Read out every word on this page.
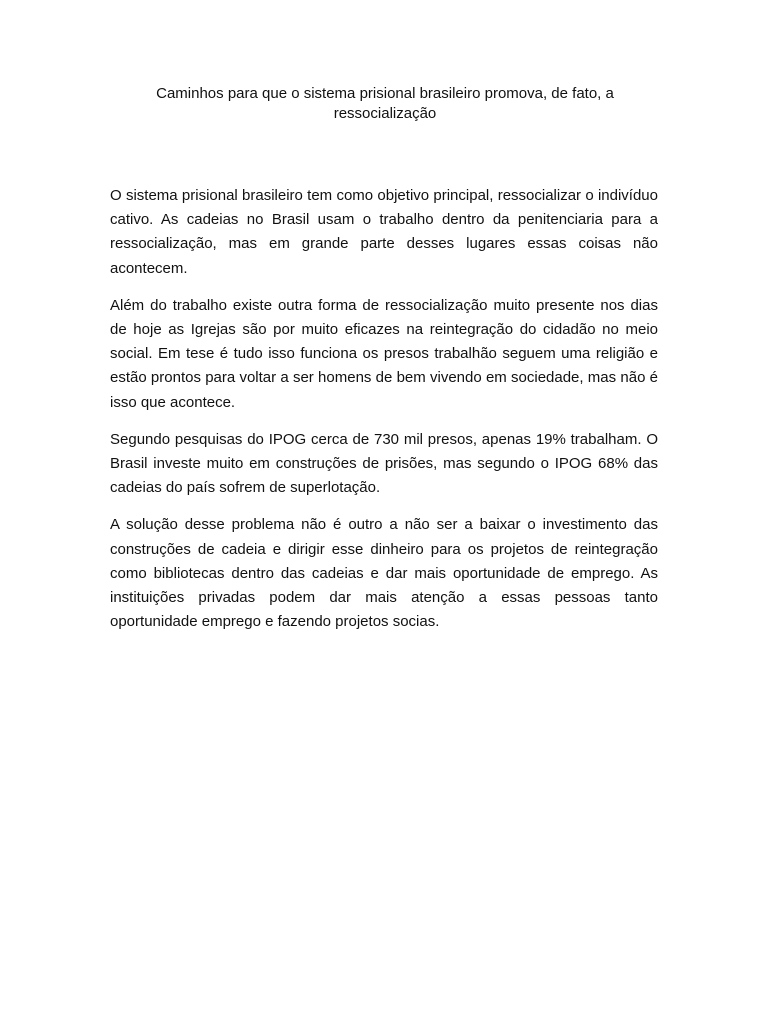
Caminhos para que o sistema prisional brasileiro promova, de fato, a ressocialização

O sistema prisional brasileiro tem como objetivo principal, ressocializar o indivíduo cativo. As cadeias no Brasil usam o trabalho dentro da penitenciaria para a ressocialização, mas em grande parte desses lugares essas coisas não acontecem.

Além do trabalho existe outra forma de ressocialização muito presente nos dias de hoje as Igrejas são por muito eficazes na reintegração do cidadão no meio social. Em tese é tudo isso funciona os presos trabalhão seguem uma religião e estão prontos para voltar a ser homens de bem vivendo em sociedade, mas não é isso que acontece.

Segundo pesquisas do IPOG cerca de 730 mil presos, apenas 19% trabalham. O Brasil investe muito em construções de prisões, mas segundo o IPOG 68% das cadeias do país sofrem de superlotação.

A solução desse problema não é outro a não ser a baixar o investimento das construções de cadeia e dirigir esse dinheiro para os projetos de reintegração como bibliotecas dentro das cadeias e dar mais oportunidade de emprego. As instituições privadas podem dar mais atenção a essas pessoas tanto oportunidade emprego e fazendo projetos socias.
